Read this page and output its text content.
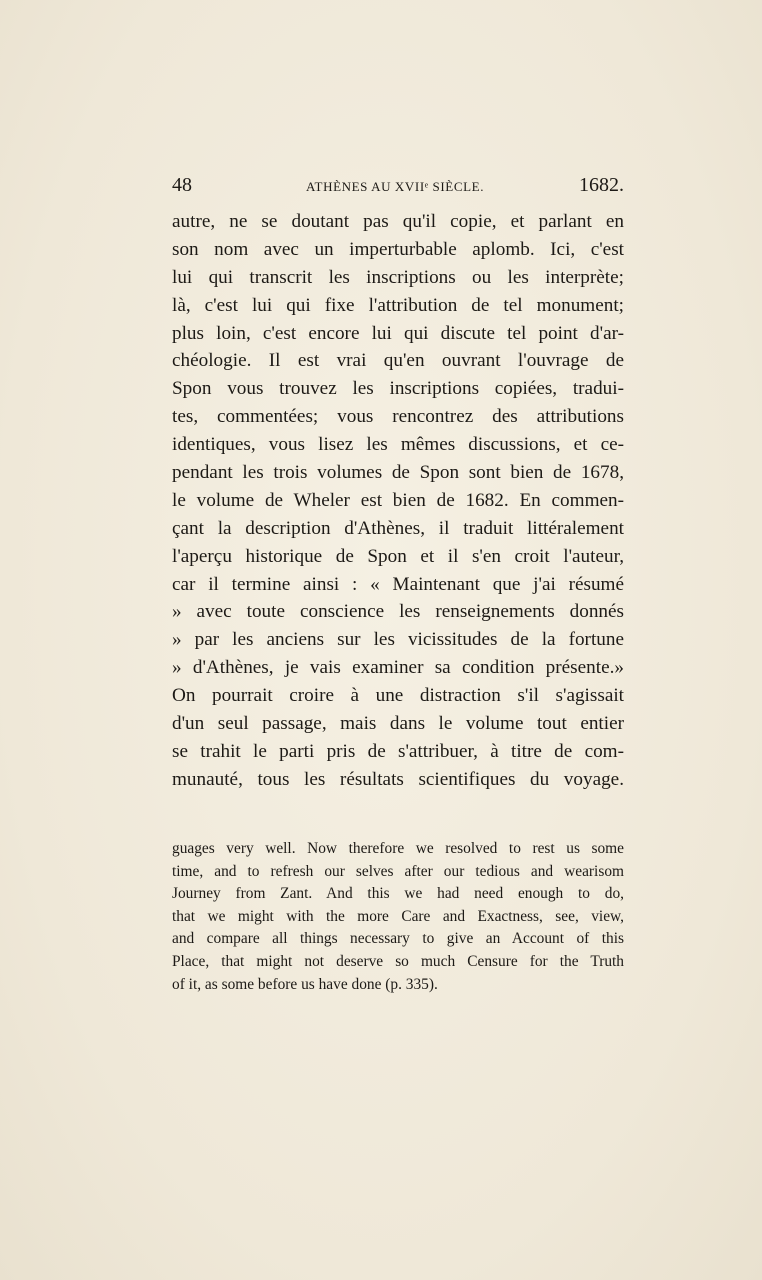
48	ATHÈNES AU XVIIᵉ SIÈCLE.	1682.
autre, ne se doutant pas qu'il copie, et parlant en
son nom avec un imperturbable aplomb. Ici, c'est
lui qui transcrit les inscriptions ou les interprète;
là, c'est lui qui fixe l'attribution de tel monument;
plus loin, c'est encore lui qui discute tel point d'ar-
chéologie. Il est vrai qu'en ouvrant l'ouvrage de
Spon vous trouvez les inscriptions copiées, tradui-
tes, commentées; vous rencontrez des attributions
identiques, vous lisez les mêmes discussions, et ce-
pendant les trois volumes de Spon sont bien de 1678,
le volume de Wheler est bien de 1682. En commen-
çant la description d'Athènes, il traduit littéralement
l'aperçu historique de Spon et il s'en croit l'auteur,
car il termine ainsi : « Maintenant que j'ai résumé
» avec toute conscience les renseignements donnés
» par les anciens sur les vicissitudes de la fortune
» d'Athènes, je vais examiner sa condition présente.»
On pourrait croire à une distraction s'il s'agissait
d'un seul passage, mais dans le volume tout entier
se trahit le parti pris de s'attribuer, à titre de com-
munauté, tous les résultats scientifiques du voyage.
guages very well. Now therefore we resolved to rest us some
time, and to refresh our selves after our tedious and wearisom
Journey from Zant. And this we had need enough to do,
that we might with the more Care and Exactness, see, view,
and compare all things necessary to give an Account of this
Place, that might not deserve so much Censure for the Truth
of it, as some before us have done (p. 335).
